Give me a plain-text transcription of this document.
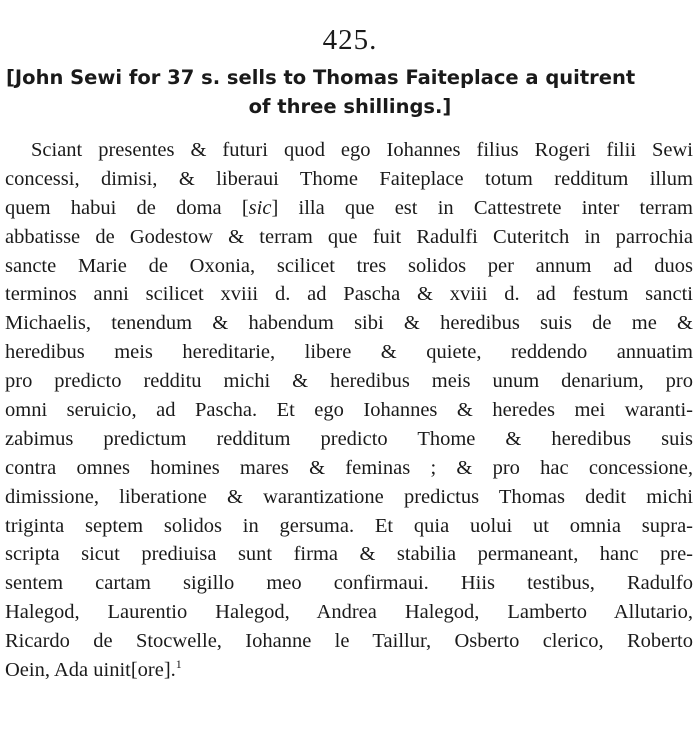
425.
[John Sewi for 37 s. sells to Thomas Faiteplace a quitrent
of three shillings.]
Sciant presentes & futuri quod ego Iohannes filius Rogeri filii Sewi
concessi, dimisi, & liberaui Thome Faiteplace totum redditum illum
quem habui de doma [sic] illa que est in Cattestrete inter terram
abbatisse de Godestow & terram que fuit Radulfi Cuteritch in parrochia
sancte Marie de Oxonia, scilicet tres solidos per annum ad duos
terminos anni scilicet xviii d. ad Pascha & xviii d. ad festum sancti
Michaelis, tenendum & habendum sibi & heredibus suis de me &
heredibus meis hereditarie, libere & quiete, reddendo annuatim
pro predicto redditu michi & heredibus meis unum denarium, pro
omni seruicio, ad Pascha. Et ego Iohannes & heredes mei waranti-
zabimus predictum redditum predicto Thome & heredibus suis
contra omnes homines mares & feminas ; & pro hac concessione,
dimissione, liberatione & warantizatione predictus Thomas dedit michi
triginta septem solidos in gersuma. Et quia uolui ut omnia supra-
scripta sicut prediuisa sunt firma & stabilia permaneant, hanc pre-
sentem cartam sigillo meo confirmaui. Hiis testibus, Radulfo
Halegod, Laurentio Halegod, Andrea Halegod, Lamberto Allutario,
Ricardo de Stocwelle, Iohanne le Taillur, Osberto clerico, Roberto
Oein, Ada uinit[ore].$^1$
